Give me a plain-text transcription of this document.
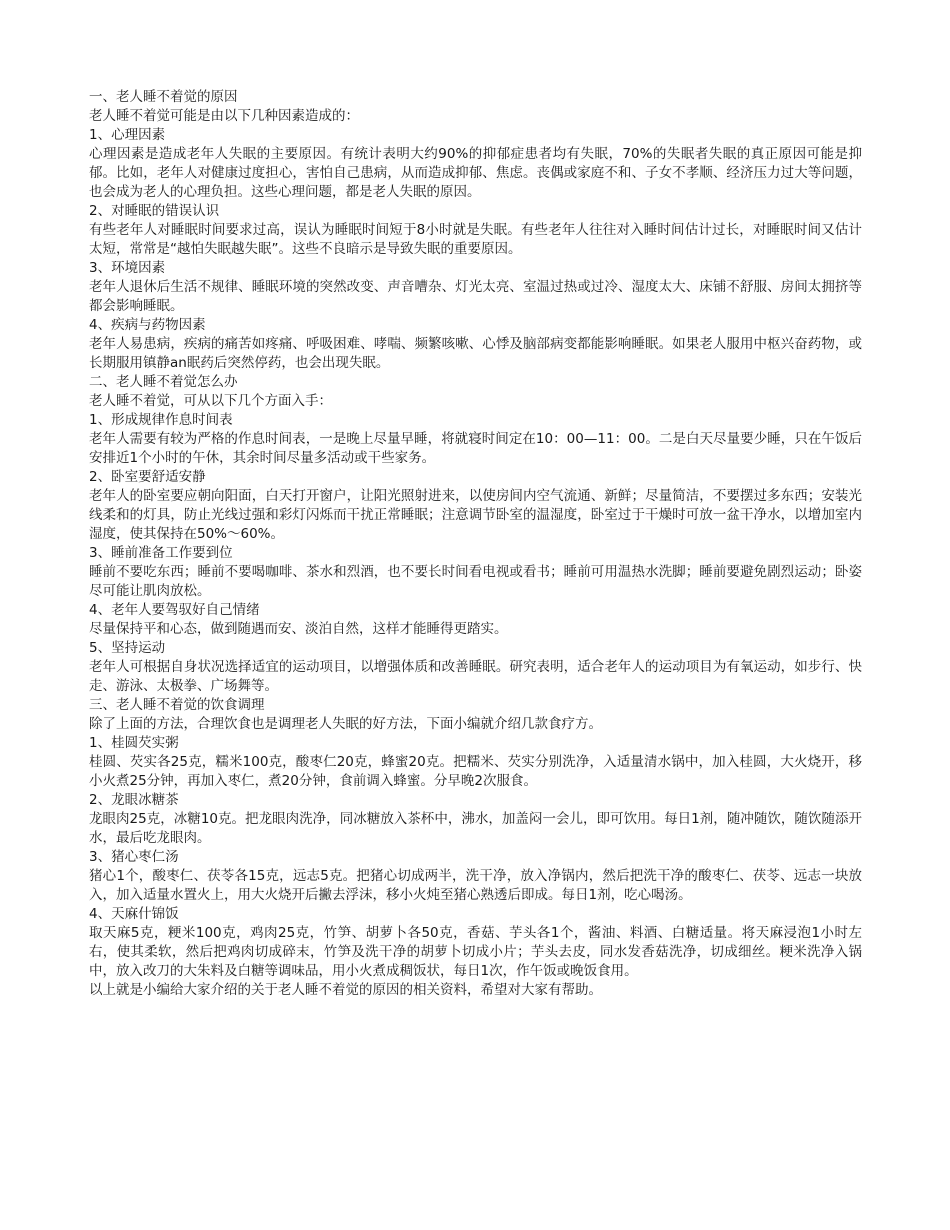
一、老人睡不着觉的原因

老人睡不着觉可能是由以下几种因素造成的：

1、心理因素

心理因素是造成老年人失眠的主要原因。有统计表明大约90%的抑郁症患者均有失眠，70%的失眠者失眠的真正原因可能是抑郁。比如，老年人对健康过度担心，害怕自己患病，从而造成抑郁、焦虑。丧偶或家庭不和、子女不孝顺、经济压力过大等问题，也会成为老人的心理负担。这些心理问题，都是老人失眠的原因。

2、对睡眠的错误认识

有些老年人对睡眠时间要求过高，误认为睡眠时间短于8小时就是失眠。有些老年人往往对入睡时间估计过长，对睡眠时间又估计太短，常常是“越怕失眠越失眠”。这些不良暗示是导致失眠的重要原因。

3、环境因素

老年人退休后生活不规律、睡眠环境的突然改变、声音嘈杂、灯光太亮、室温过热或过冷、湿度太大、床铺不舒服、房间太拥挤等都会影响睡眠。

4、疾病与药物因素

老年人易患病，疾病的痛苦如疼痛、呼吸困难、哮喘、频繁咳嗽、心悸及脑部病变都能影响睡眠。如果老人服用中枢兴奋药物，或长期服用镇静an眠药后突然停药，也会出现失眠。

二、老人睡不着觉怎么办

老人睡不着觉，可从以下几个方面入手：

1、形成规律作息时间表

老年人需要有较为严格的作息时间表，一是晚上尽量早睡，将就寝时间定在10：00—11：00。二是白天尽量要少睡，只在午饭后安排近1个小时的午休，其余时间尽量多活动或干些家务。

2、卧室要舒适安静

老年人的卧室要应朝向阳面，白天打开窗户，让阳光照射进来，以使房间内空气流通、新鲜；尽量简洁，不要摆过多东西；安装光线柔和的灯具，防止光线过强和彩灯闪烁而干扰正常睡眠；注意调节卧室的温湿度，卧室过于干燥时可放一盆干净水，以增加室内湿度，使其保持在50%～60%。

3、睡前准备工作要到位

睡前不要吃东西；睡前不要喝咖啡、茶水和烈酒，也不要长时间看电视或看书；睡前可用温热水洗脚；睡前要避免剧烈运动；卧姿尽可能让肌肉放松。

4、老年人要驾驭好自己情绪

尽量保持平和心态，做到随遇而安、淡泊自然，这样才能睡得更踏实。

5、坚持运动

老年人可根据自身状况选择适宜的运动项目，以增强体质和改善睡眠。研究表明，适合老年人的运动项目为有氧运动，如步行、快走、游泳、太极拳、广场舞等。

三、老人睡不着觉的饮食调理

除了上面的方法，合理饮食也是调理老人失眠的好方法，下面小编就介绍几款食疗方。

1、桂圆芡实粥

桂圆、芡实各25克，糯米100克，酸枣仁20克，蜂蜜20克。把糯米、芡实分别洗净，入适量清水锅中，加入桂圆，大火烧开，移小火煮25分钟，再加入枣仁，煮20分钟，食前调入蜂蜜。分早晚2次服食。

2、龙眼冰糖茶

龙眼肉25克，冰糖10克。把龙眼肉洗净，同冰糖放入茶杯中，沸水，加盖闷一会儿，即可饮用。每日1剂，随冲随饮，随饮随添开水，最后吃龙眼肉。

3、猪心枣仁汤

猪心1个，酸枣仁、茯苓各15克，远志5克。把猪心切成两半，洗干净，放入净锅内，然后把洗干净的酸枣仁、茯苓、远志一块放入，加入适量水置火上，用大火烧开后撇去浮沫，移小火炖至猪心熟透后即成。每日1剂，吃心喝汤。

4、天麻什锦饭

取天麻5克，粳米100克，鸡肉25克，竹笋、胡萝卜各50克，香菇、芋头各1个，酱油、料酒、白糖适量。将天麻浸泡1小时左右，使其柔软，然后把鸡肉切成碎末，竹笋及洗干净的胡萝卜切成小片；芋头去皮，同水发香菇洗净，切成细丝。粳米洗净入锅中，放入改刀的大朱料及白糖等调味品，用小火煮成稠饭状，每日1次，作午饭或晚饭食用。

以上就是小编给大家介绍的关于老人睡不着觉的原因的相关资料，希望对大家有帮助。
